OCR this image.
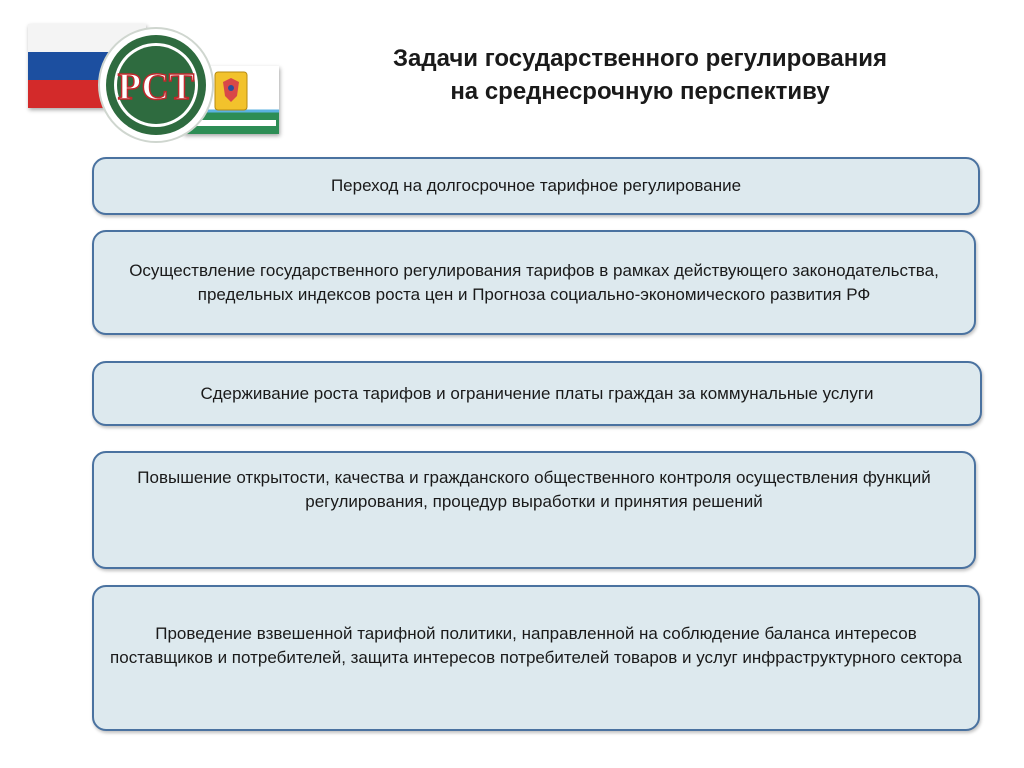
РСТ
Задачи государственного регулирования
на среднесрочную перспективу
Переход на долгосрочное тарифное регулирование
Осуществление государственного регулирования тарифов в рамках действующего законодательства, предельных индексов роста цен и Прогноза социально-экономического развития РФ
Сдерживание роста тарифов и ограничение платы граждан за коммунальные услуги
Повышение открытости, качества и гражданского общественного контроля осуществления функций регулирования, процедур выработки и принятия решений
Проведение взвешенной тарифной политики, направленной на соблюдение баланса интересов поставщиков и потребителей, защита интересов потребителей товаров и услуг инфраструктурного сектора
